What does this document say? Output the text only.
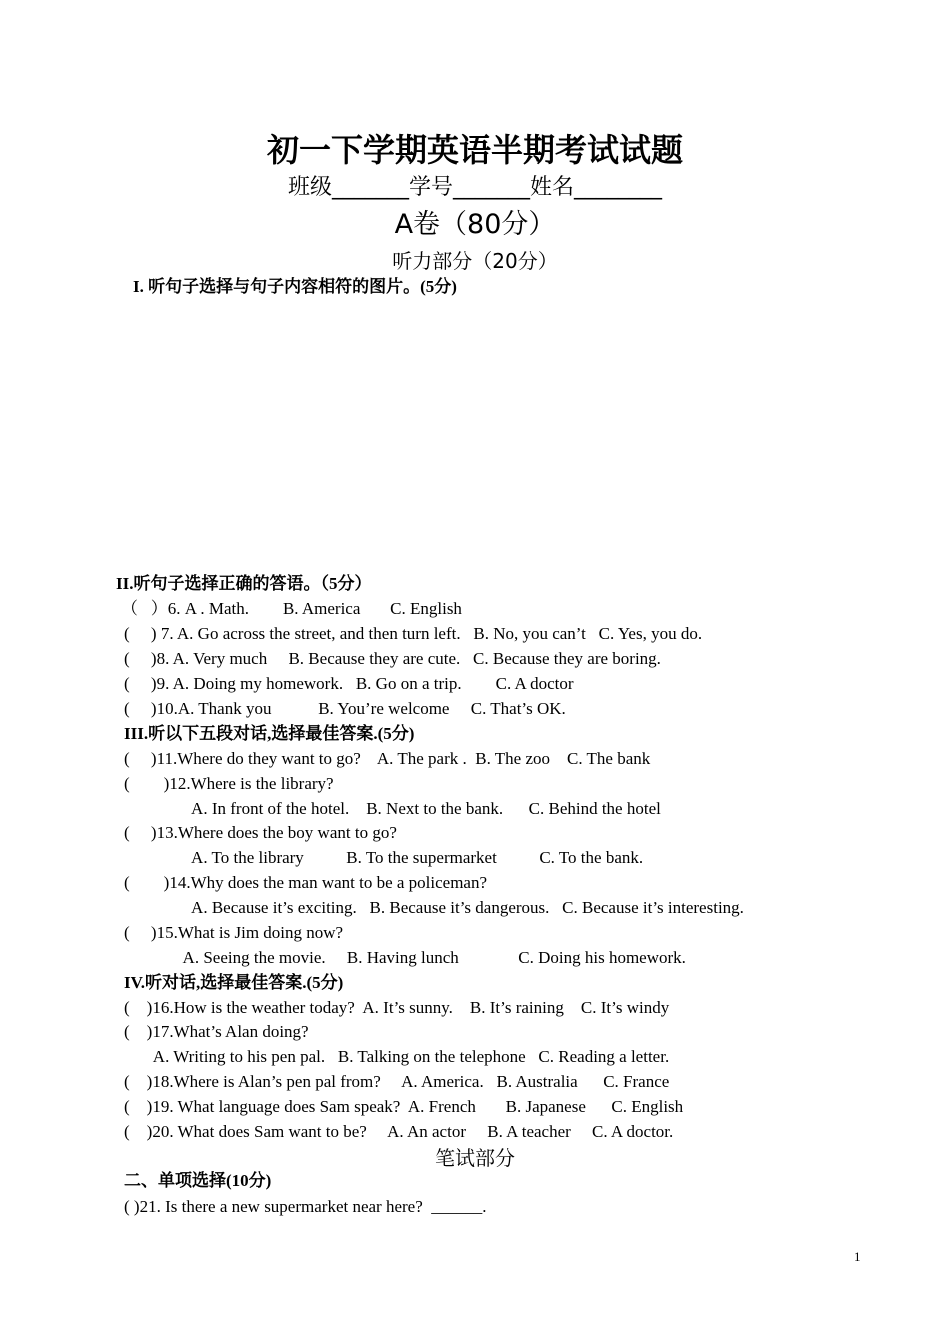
初一下学期英语半期考试试题
班级_______学号_______姓名________
A卷（80分）
听力部分（20分）
I. 听句子选择与句子内容相符的图片。(5分)
II.听句子选择正确的答语。（5分）
（   ）6. A . Math.        B. America       C. English
(     ) 7. A. Go across the street, and then turn left.   B. No, you can’t   C. Yes, you do.
(     )8. A. Very much     B. Because they are cute.   C. Because they are boring.
(     )9. A. Doing my homework.   B. Go on a trip.        C. A doctor
(     )10.A. Thank you           B. You’re welcome     C. That’s OK.
III.听以下五段对话,选择最佳答案.(5分)
(     )11.Where do they want to go?    A. The park .  B. The zoo    C. The bank
(        )12.Where is the library?
A. In front of the hotel.    B. Next to the bank.      C. Behind the hotel
(     )13.Where does the boy want to go?
A. To the library          B. To the supermarket          C. To the bank.
(        )14.Why does the man want to be a policeman?
A. Because it’s exciting.   B. Because it’s dangerous.   C. Because it’s interesting.
(     )15.What is Jim doing now?
A. Seeing the movie.     B. Having lunch              C. Doing his homework.
IV.听对话,选择最佳答案.(5分)
(    )16.How is the weather today?  A. It’s sunny.    B. It’s raining    C. It’s windy
(    )17.What’s Alan doing?
A. Writing to his pen pal.   B. Talking on the telephone   C. Reading a letter.
(    )18.Where is Alan’s pen pal from?     A. America.   B. Australia      C. France
(    )19. What language does Sam speak?  A. French       B. Japanese      C. English
(    )20. What does Sam want to be?     A. An actor     B. A teacher     C. A doctor.
笔试部分
二、单项选择(10分)
( )21. Is there a new supermarket near here?  ______.
1
